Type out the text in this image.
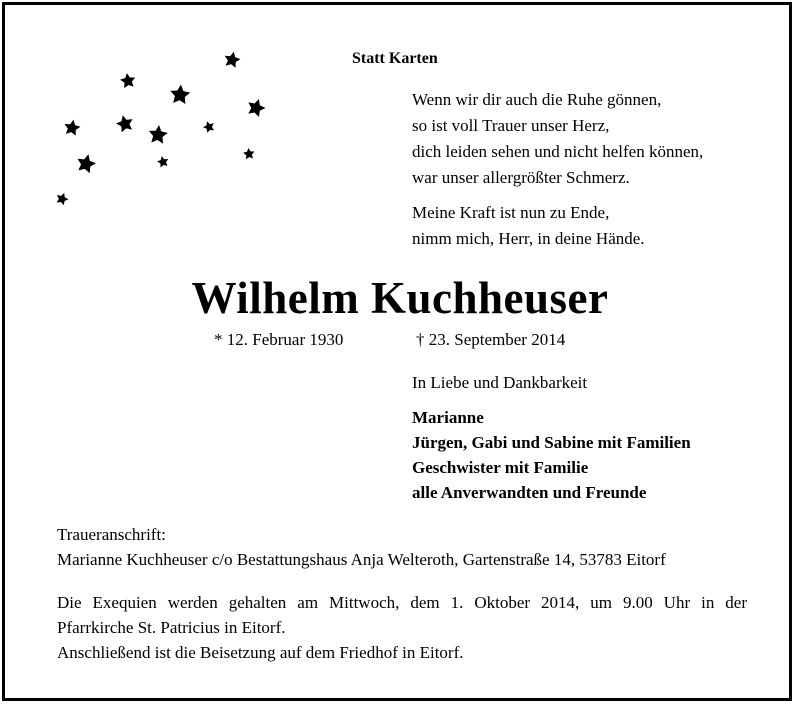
Statt Karten

Wenn wir dir auch die Ruhe gönnen,
so ist voll Trauer unser Herz,
dich leiden sehen und nicht helfen können,
war unser allergrößter Schmerz.
Meine Kraft ist nun zu Ende,
nimm mich, Herr, in deine Hände.
Wilhelm Kuchheuser
* 12. Februar 1930	† 23. September 2014
In Liebe und Dankbarkeit
Marianne
Jürgen, Gabi und Sabine mit Familien
Geschwister mit Familie
alle Anverwandten und Freunde
Traueranschrift:
Marianne Kuchheuser c/o Bestattungshaus Anja Welteroth, Gartenstraße 14, 53783 Eitorf
Die Exequien werden gehalten am Mittwoch, dem 1. Oktober 2014, um 9.00 Uhr in der
Pfarrkirche St. Patricius in Eitorf.
Anschließend ist die Beisetzung auf dem Friedhof in Eitorf.
